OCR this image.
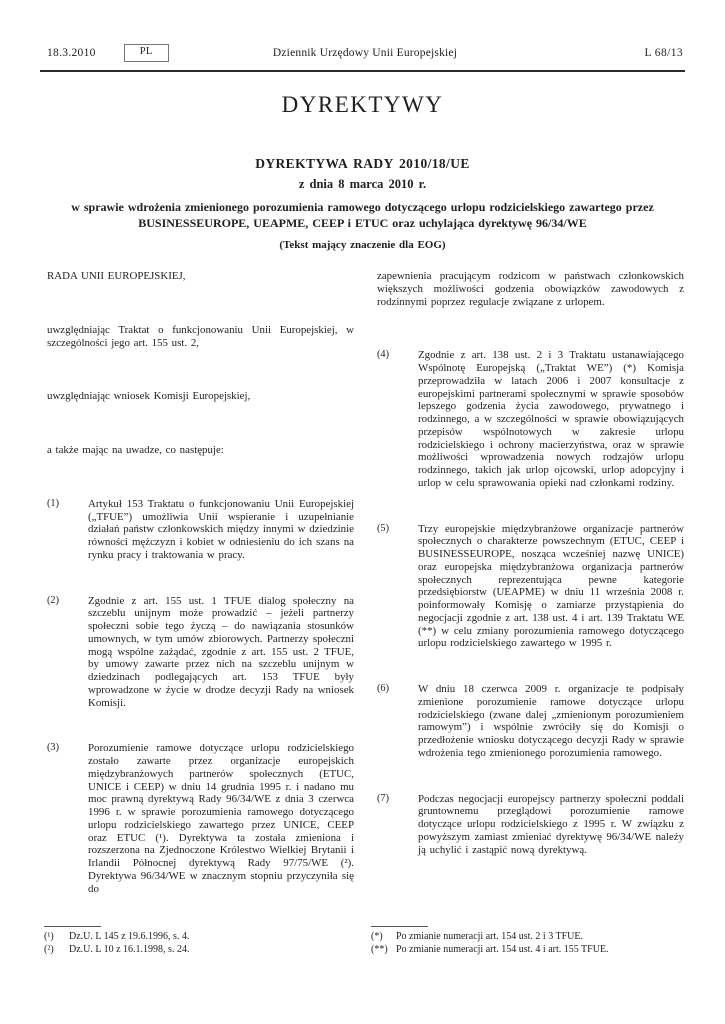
18.3.2010	PL	Dziennik Urzędowy Unii Europejskiej	L 68/13
DYREKTYWY
DYREKTYWA RADY 2010/18/UE
z dnia 8 marca 2010 r.
w sprawie wdrożenia zmienionego porozumienia ramowego dotyczącego urlopu rodzicielskiego zawartego przez BUSINESSEUROPE, UEAPME, CEEP i ETUC oraz uchylająca dyrektywę 96/34/WE
(Tekst mający znaczenie dla EOG)

RADA UNII EUROPEJSKIEJ,

uwzględniając Traktat o funkcjonowaniu Unii Europejskiej, w szczególności jego art. 155 ust. 2,

uwzględniając wniosek Komisji Europejskiej,

a także mając na uwadze, co następuje:

(1)	Artykuł 153 Traktatu o funkcjonowaniu Unii Europejskiej („TFUE”) umożliwia Unii wspieranie i uzupełnianie działań państw członkowskich między innymi w dziedzinie równości mężczyzn i kobiet w odniesieniu do ich szans na rynku pracy i traktowania w pracy.
(2)	Zgodnie z art. 155 ust. 1 TFUE dialog społeczny na szczeblu unijnym może prowadzić – jeżeli partnerzy społeczni sobie tego życzą – do nawiązania stosunków umownych, w tym umów zbiorowych. Partnerzy społeczni mogą wspólne zażądać, zgodnie z art. 155 ust. 2 TFUE, by umowy zawarte przez nich na szczeblu unijnym w dziedzinach podlegających art. 153 TFUE były wprowadzone w życie w drodze decyzji Rady na wniosek Komisji.
(3)	Porozumienie ramowe dotyczące urlopu rodzicielskiego zostało zawarte przez organizacje europejskich międzybranżowych partnerów społecznych (ETUC, UNICE i CEEP) w dniu 14 grudnia 1995 r. i nadano mu moc prawną dyrektywą Rady 96/34/WE z dnia 3 czerwca 1996 r. w sprawie porozumienia ramowego dotyczącego urlopu rodzicielskiego zawartego przez UNICE, CEEP oraz ETUC (¹). Dyrektywa ta została zmieniona i rozszerzona na Zjednoczone Królestwo Wielkiej Brytanii i Irlandii Północnej dyrektywą Rady 97/75/WE (²). Dyrektywa 96/34/WE w znacznym stopniu przyczyniła się do

zapewnienia pracującym rodzicom w państwach członkowskich większych możliwości godzenia obowiązków zawodowych z rodzinnymi poprzez regulacje związane z urlopem.

(4)	Zgodnie z art. 138 ust. 2 i 3 Traktatu ustanawiającego Wspólnotę Europejską („Traktat WE”) (*) Komisja przeprowadziła w latach 2006 i 2007 konsultacje z europejskimi partnerami społecznymi w sprawie sposobów lepszego godzenia życia zawodowego, prywatnego i rodzinnego, a w szczególności w sprawie obowiązujących przepisów wspólnotowych w zakresie urlopu rodzicielskiego i ochrony macierzyństwa, oraz w sprawie możliwości wprowadzenia nowych rodzajów urlopu rodzinnego, takich jak urlop ojcowski, urlop adopcyjny i urlop w celu sprawowania opieki nad członkami rodziny.
(5)	Trzy europejskie międzybranżowe organizacje partnerów społecznych o charakterze powszechnym (ETUC, CEEP i BUSINESSEUROPE, nosząca wcześniej nazwę UNICE) oraz europejska międzybranżowa organizacja partnerów społecznych reprezentująca pewne kategorie przedsiębiorstw (UEAPME) w dniu 11 września 2008 r. poinformowały Komisję o zamiarze przystąpienia do negocjacji zgodnie z art. 138 ust. 4 i art. 139 Traktatu WE (**) w celu zmiany porozumienia ramowego dotyczącego urlopu rodzicielskiego zawartego w 1995 r.
(6)	W dniu 18 czerwca 2009 r. organizacje te podpisały zmienione porozumienie ramowe dotyczące urlopu rodzicielskiego (zwane dalej „zmienionym porozumieniem ramowym”) i wspólnie zwróciły się do Komisji o przedłożenie wniosku dotyczącego decyzji Rady w sprawie wdrożenia tego zmienionego porozumienia ramowego.
(7)	Podczas negocjacji europejscy partnerzy społeczni poddali gruntownemu przeglądowi porozumienie ramowe dotyczące urlopu rodzicielskiego z 1995 r. W związku z powyższym zamiast zmieniać dyrektywę 96/34/WE należy ją uchylić i zastąpić nową dyrektywą.
(¹)	Dz.U. L 145 z 19.6.1996, s. 4.
(²)	Dz.U. L 10 z 16.1.1998, s. 24.
(*)	Po zmianie numeracji art. 154 ust. 2 i 3 TFUE.
(**) Po zmianie numeracji art. 154 ust. 4 i art. 155 TFUE.
